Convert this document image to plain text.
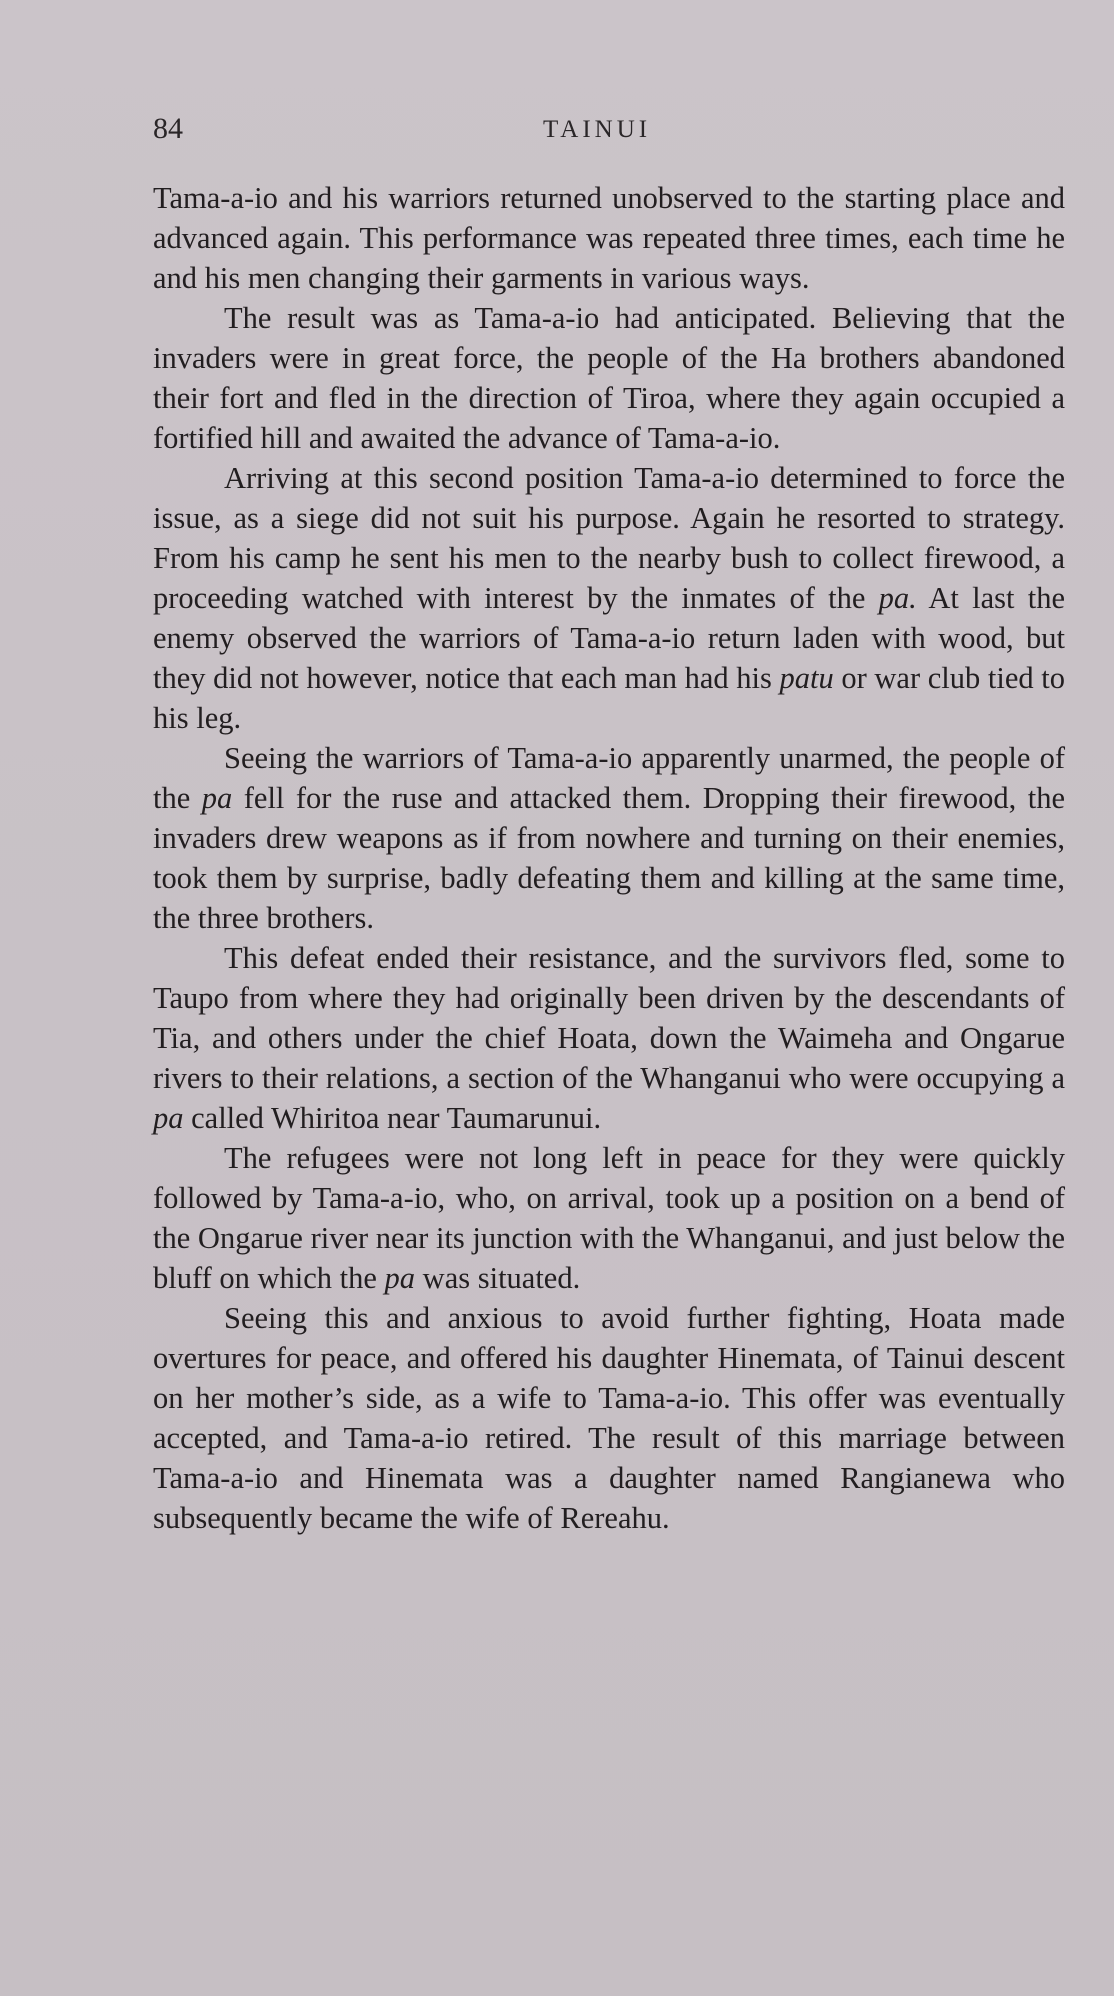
84	TAINUI

Tama-a-io and his warriors returned unobserved to the starting place and advanced again. This performance was repeated three times, each time he and his men changing their garments in various ways.

The result was as Tama-a-io had anticipated. Believing that the invaders were in great force, the people of the Ha brothers abandoned their fort and fled in the direction of Tiroa, where they again occupied a fortified hill and awaited the advance of Tama-a-io.

Arriving at this second position Tama-a-io determined to force the issue, as a siege did not suit his purpose. Again he resorted to strategy. From his camp he sent his men to the nearby bush to collect firewood, a proceeding watched with interest by the inmates of the pa. At last the enemy observed the warriors of Tama-a-io return laden with wood, but they did not however, notice that each man had his patu or war club tied to his leg.

Seeing the warriors of Tama-a-io apparently unarmed, the people of the pa fell for the ruse and attacked them. Dropping their firewood, the invaders drew weapons as if from nowhere and turning on their enemies, took them by surprise, badly defeating them and killing at the same time, the three brothers.

This defeat ended their resistance, and the survivors fled, some to Taupo from where they had originally been driven by the descendants of Tia, and others under the chief Hoata, down the Waimeha and Ongarue rivers to their relations, a section of the Whanganui who were occupying a pa called Whiritoa near Taumarunui.

The refugees were not long left in peace for they were quickly followed by Tama-a-io, who, on arrival, took up a position on a bend of the Ongarue river near its junction with the Whanganui, and just below the bluff on which the pa was situated.

Seeing this and anxious to avoid further fighting, Hoata made overtures for peace, and offered his daughter Hinemata, of Tainui descent on her mother’s side, as a wife to Tama-a-io. This offer was eventually accepted, and Tama-a-io retired. The result of this marriage between Tama-a-io and Hinemata was a daughter named Rangianewa who subsequently became the wife of Rereahu.
